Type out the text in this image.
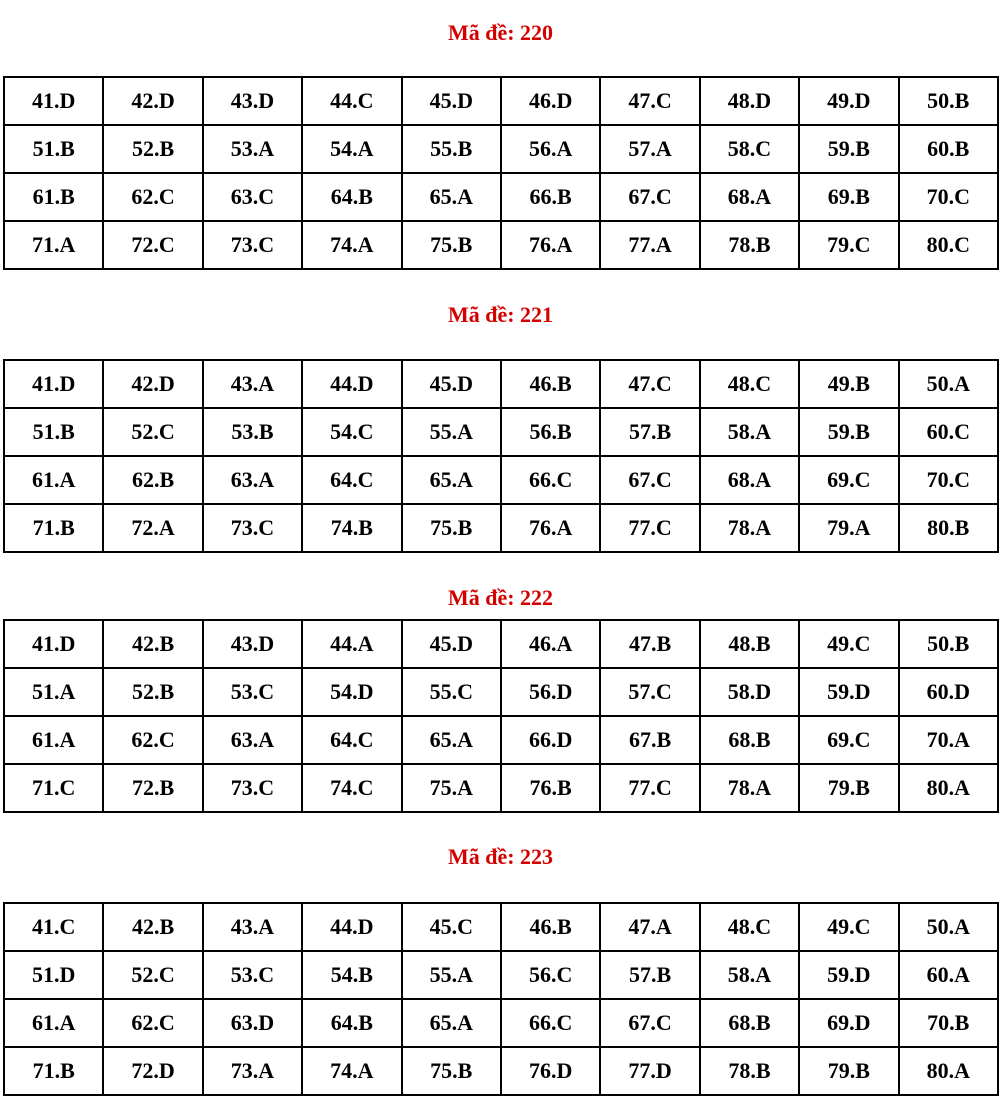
Mã đề: 220
41.D	42.D	43.D	44.C	45.D	46.D	47.C	48.D	49.D	50.B
51.B	52.B	53.A	54.A	55.B	56.A	57.A	58.C	59.B	60.B
61.B	62.C	63.C	64.B	65.A	66.B	67.C	68.A	69.B	70.C
71.A	72.C	73.C	74.A	75.B	76.A	77.A	78.B	79.C	80.C
Mã đề: 221
41.D	42.D	43.A	44.D	45.D	46.B	47.C	48.C	49.B	50.A
51.B	52.C	53.B	54.C	55.A	56.B	57.B	58.A	59.B	60.C
61.A	62.B	63.A	64.C	65.A	66.C	67.C	68.A	69.C	70.C
71.B	72.A	73.C	74.B	75.B	76.A	77.C	78.A	79.A	80.B
Mã đề: 222
41.D	42.B	43.D	44.A	45.D	46.A	47.B	48.B	49.C	50.B
51.A	52.B	53.C	54.D	55.C	56.D	57.C	58.D	59.D	60.D
61.A	62.C	63.A	64.C	65.A	66.D	67.B	68.B	69.C	70.A
71.C	72.B	73.C	74.C	75.A	76.B	77.C	78.A	79.B	80.A
Mã đề: 223
41.C	42.B	43.A	44.D	45.C	46.B	47.A	48.C	49.C	50.A
51.D	52.C	53.C	54.B	55.A	56.C	57.B	58.A	59.D	60.A
61.A	62.C	63.D	64.B	65.A	66.C	67.C	68.B	69.D	70.B
71.B	72.D	73.A	74.A	75.B	76.D	77.D	78.B	79.B	80.A
